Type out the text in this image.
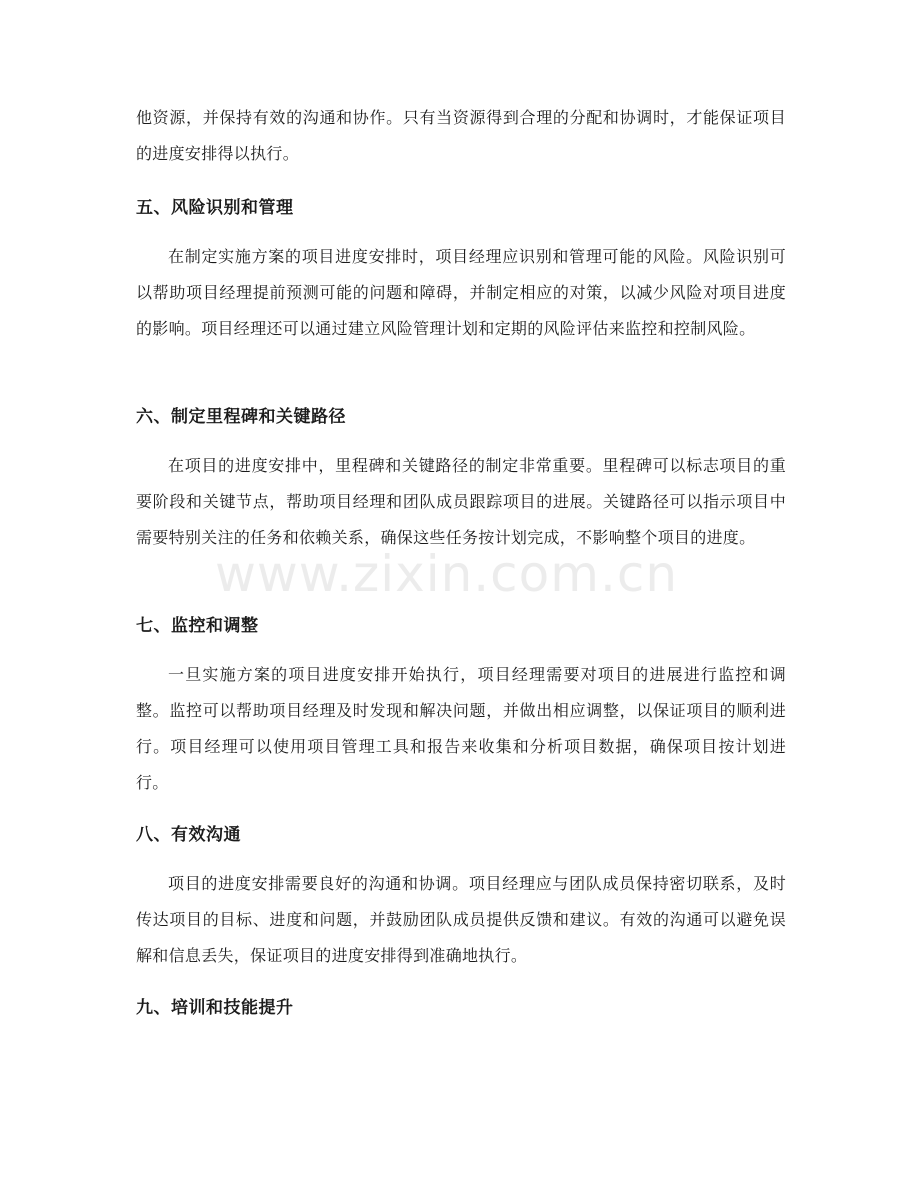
他资源，并保持有效的沟通和协作。只有当资源得到合理的分配和协调时，才能保证项目的进度安排得以执行。

五、风险识别和管理

在制定实施方案的项目进度安排时，项目经理应识别和管理可能的风险。风险识别可以帮助项目经理提前预测可能的问题和障碍，并制定相应的对策，以减少风险对项目进度的影响。项目经理还可以通过建立风险管理计划和定期的风险评估来监控和控制风险。

六、制定里程碑和关键路径

在项目的进度安排中，里程碑和关键路径的制定非常重要。里程碑可以标志项目的重要阶段和关键节点，帮助项目经理和团队成员跟踪项目的进展。关键路径可以指示项目中需要特别关注的任务和依赖关系，确保这些任务按计划完成，不影响整个项目的进度。

七、监控和调整

一旦实施方案的项目进度安排开始执行，项目经理需要对项目的进展进行监控和调整。监控可以帮助项目经理及时发现和解决问题，并做出相应调整，以保证项目的顺利进行。项目经理可以使用项目管理工具和报告来收集和分析项目数据，确保项目按计划进行。

八、有效沟通

项目的进度安排需要良好的沟通和协调。项目经理应与团队成员保持密切联系，及时传达项目的目标、进度和问题，并鼓励团队成员提供反馈和建议。有效的沟通可以避免误解和信息丢失，保证项目的进度安排得到准确地执行。

九、培训和技能提升
www.zixin.com.cn
